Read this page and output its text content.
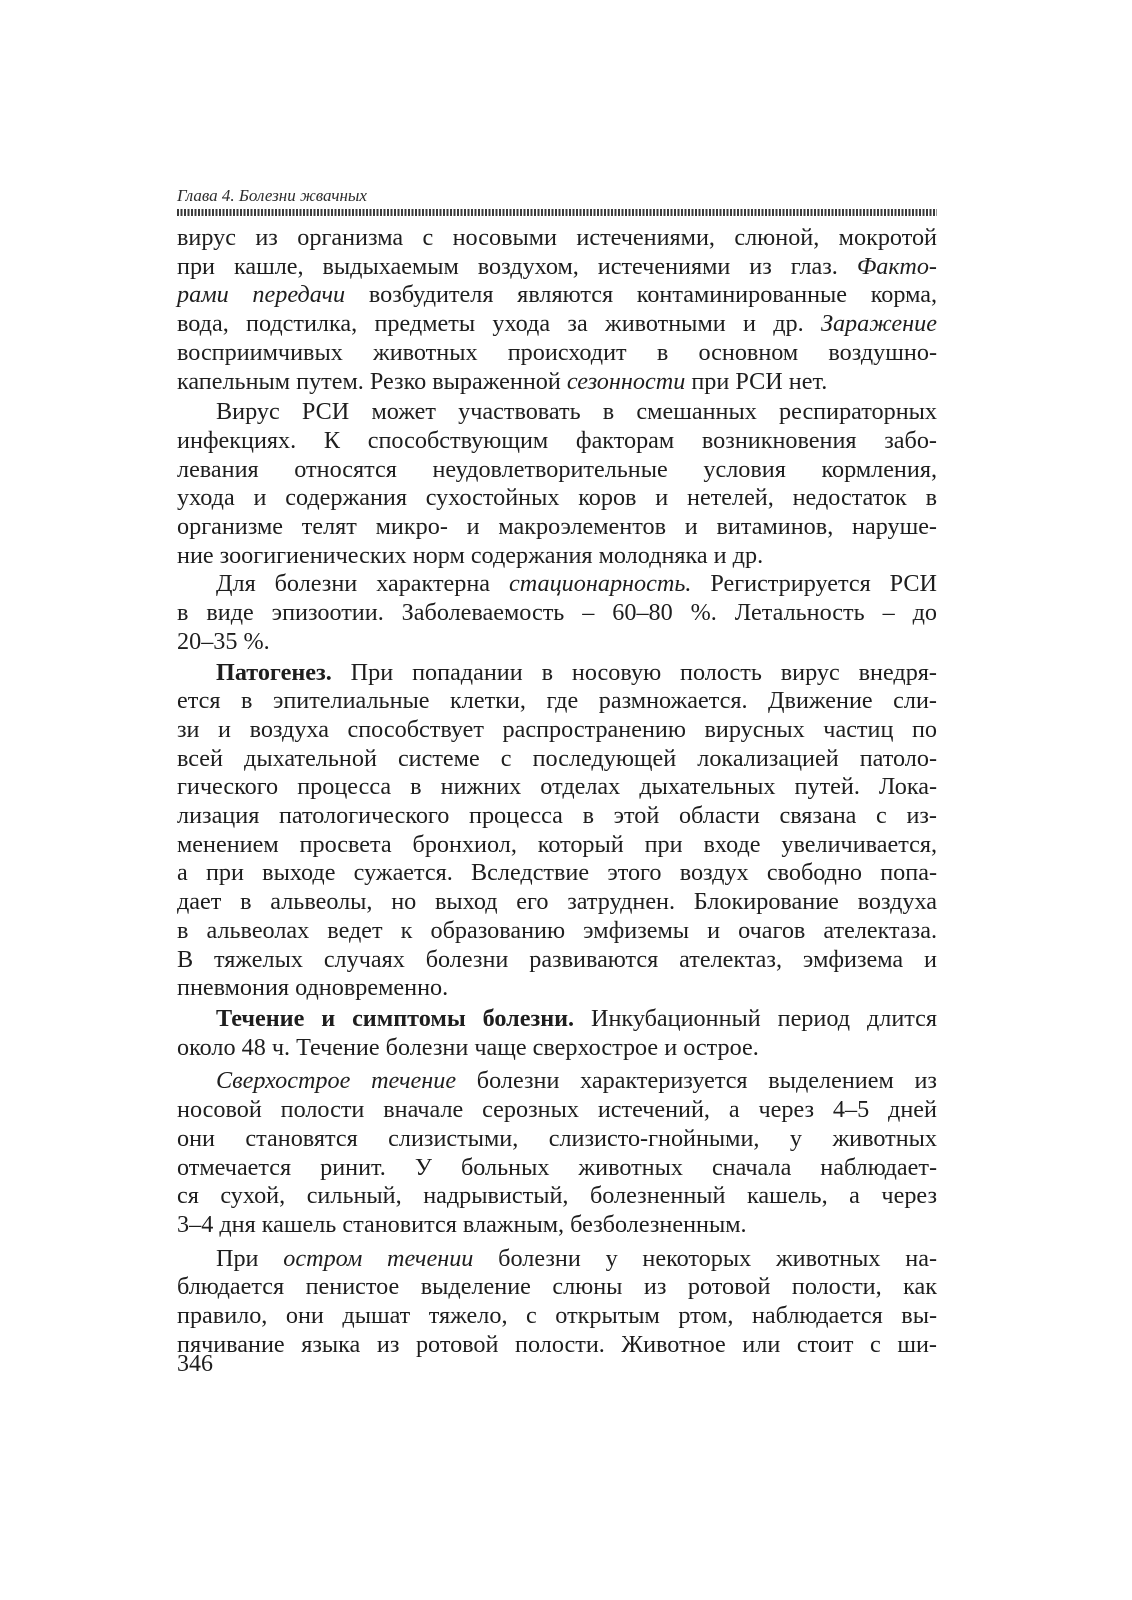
Глава 4. Болезни жвачных

вирус из организма с носовыми истечениями, слюной, мокротой
при кашле, выдыхаемым воздухом, истечениями из глаз. Факто-
рами передачи возбудителя являются контаминированные корма,
вода, подстилка, предметы ухода за животными и др. Заражение
восприимчивых животных происходит в основном воздушно-
капельным путем. Резко выраженной сезонности при РСИ нет.

Вирус РСИ может участвовать в смешанных респираторных
инфекциях. К способствующим факторам возникновения забо-
левания относятся неудовлетворительные условия кормления,
ухода и содержания сухостойных коров и нетелей, недостаток в
организме телят микро- и макроэлементов и витаминов, наруше-
ние зоогигиенических норм содержания молодняка и др.

Для болезни характерна стационарность. Регистрируется РСИ
в виде эпизоотии. Заболеваемость – 60–80 %. Летальность – до
20–35 %.

Патогенез. При попадании в носовую полость вирус внедря-
ется в эпителиальные клетки, где размножается. Движение сли-
зи и воздуха способствует распространению вирусных частиц по
всей дыхательной системе с последующей локализацией патоло-
гического процесса в нижних отделах дыхательных путей. Лока-
лизация патологического процесса в этой области связана с из-
менением просвета бронхиол, который при входе увеличивается,
а при выходе сужается. Вследствие этого воздух свободно попа-
дает в альвеолы, но выход его затруднен. Блокирование воздуха
в альвеолах ведет к образованию эмфиземы и очагов ателектаза.
В тяжелых случаях болезни развиваются ателектаз, эмфизема и
пневмония одновременно.

Течение и симптомы болезни. Инкубационный период длится
около 48 ч. Течение болезни чаще сверхострое и острое.

Сверхострое течение болезни характеризуется выделением из
носовой полости вначале серозных истечений, а через 4–5 дней
они становятся слизистыми, слизисто-гнойными, у животных
отмечается ринит. У больных животных сначала наблюдает-
ся сухой, сильный, надрывистый, болезненный кашель, а через
3–4 дня кашель становится влажным, безболезненным.

При остром течении болезни у некоторых животных на-
блюдается пенистое выделение слюны из ротовой полости, как
правило, они дышат тяжело, с открытым ртом, наблюдается вы-
пячивание языка из ротовой полости. Животное или стоит с ши-

346
